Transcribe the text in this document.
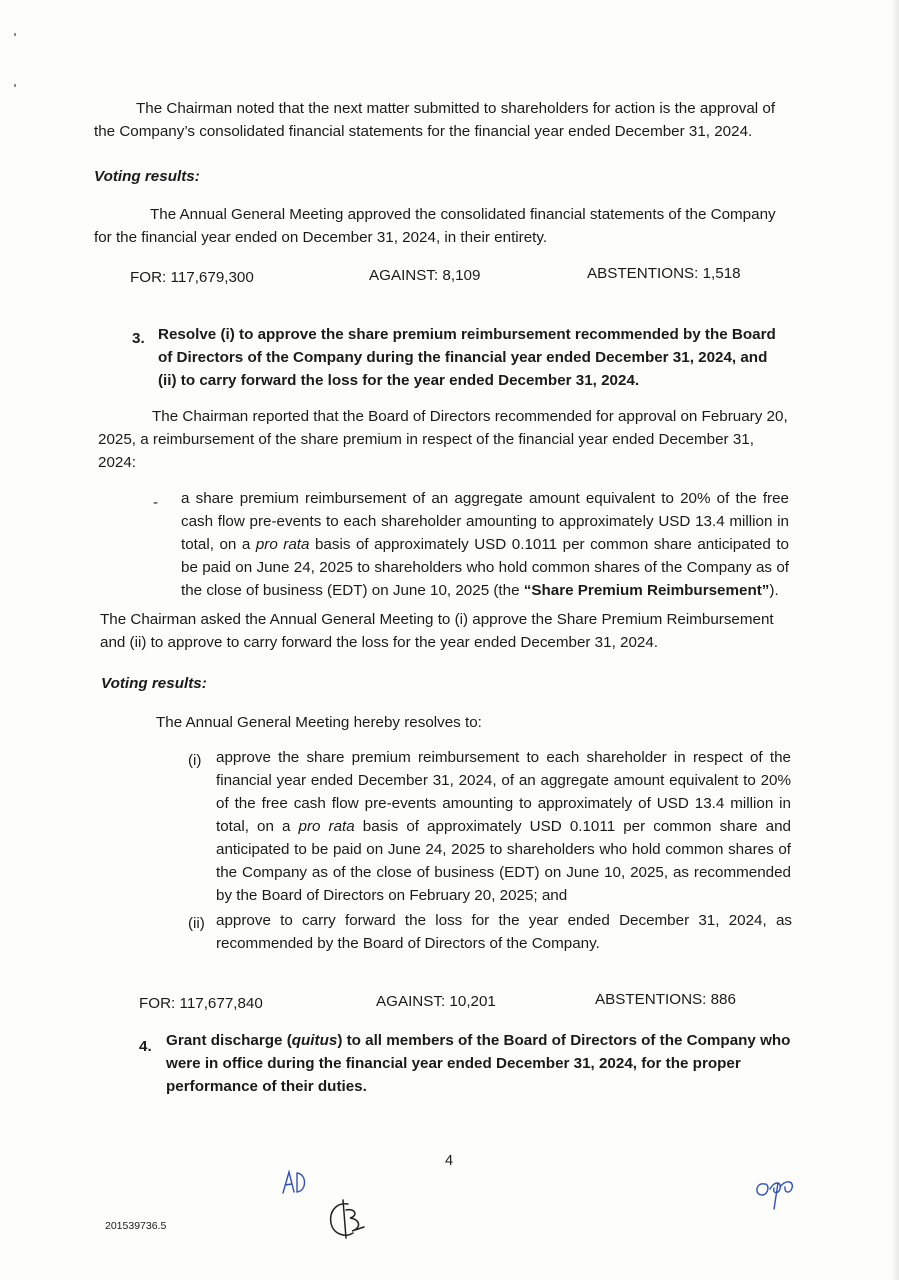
The Chairman noted that the next matter submitted to shareholders for action is the approval of the Company’s consolidated financial statements for the financial year ended December 31, 2024.

Voting results:

The Annual General Meeting approved the consolidated financial statements of the Company for the financial year ended on December 31, 2024, in their entirety.

FOR: 117,679,300	AGAINST: 8,109	ABSTENTIONS: 1,518
3. Resolve (i) to approve the share premium reimbursement recommended by the Board of Directors of the Company during the financial year ended December 31, 2024, and (ii) to carry forward the loss for the year ended December 31, 2024.

The Chairman reported that the Board of Directors recommended for approval on February 20, 2025, a reimbursement of the share premium in respect of the financial year ended December 31, 2024:

- a share premium reimbursement of an aggregate amount equivalent to 20% of the free cash flow pre-events to each shareholder amounting to approximately USD 13.4 million in total, on a pro rata basis of approximately USD 0.1011 per common share anticipated to be paid on June 24, 2025 to shareholders who hold common shares of the Company as of the close of business (EDT) on June 10, 2025 (the “Share Premium Reimbursement”).

The Chairman asked the Annual General Meeting to (i) approve the Share Premium Reimbursement and (ii) to approve to carry forward the loss for the year ended December 31, 2024.

Voting results:

The Annual General Meeting hereby resolves to:

(i) approve the share premium reimbursement to each shareholder in respect of the financial year ended December 31, 2024, of an aggregate amount equivalent to 20% of the free cash flow pre-events amounting to approximately of USD 13.4 million in total, on a pro rata basis of approximately USD 0.1011 per common share and anticipated to be paid on June 24, 2025 to shareholders who hold common shares of the Company as of the close of business (EDT) on June 10, 2025, as recommended by the Board of Directors on February 20, 2025; and

(ii) approve to carry forward the loss for the year ended December 31, 2024, as recommended by the Board of Directors of the Company.

FOR: 117,677,840	AGAINST: 10,201	ABSTENTIONS: 886
4. Grant discharge (quitus) to all members of the Board of Directors of the Company who were in office during the financial year ended December 31, 2024, for the proper performance of their duties.

4
201539736.5
